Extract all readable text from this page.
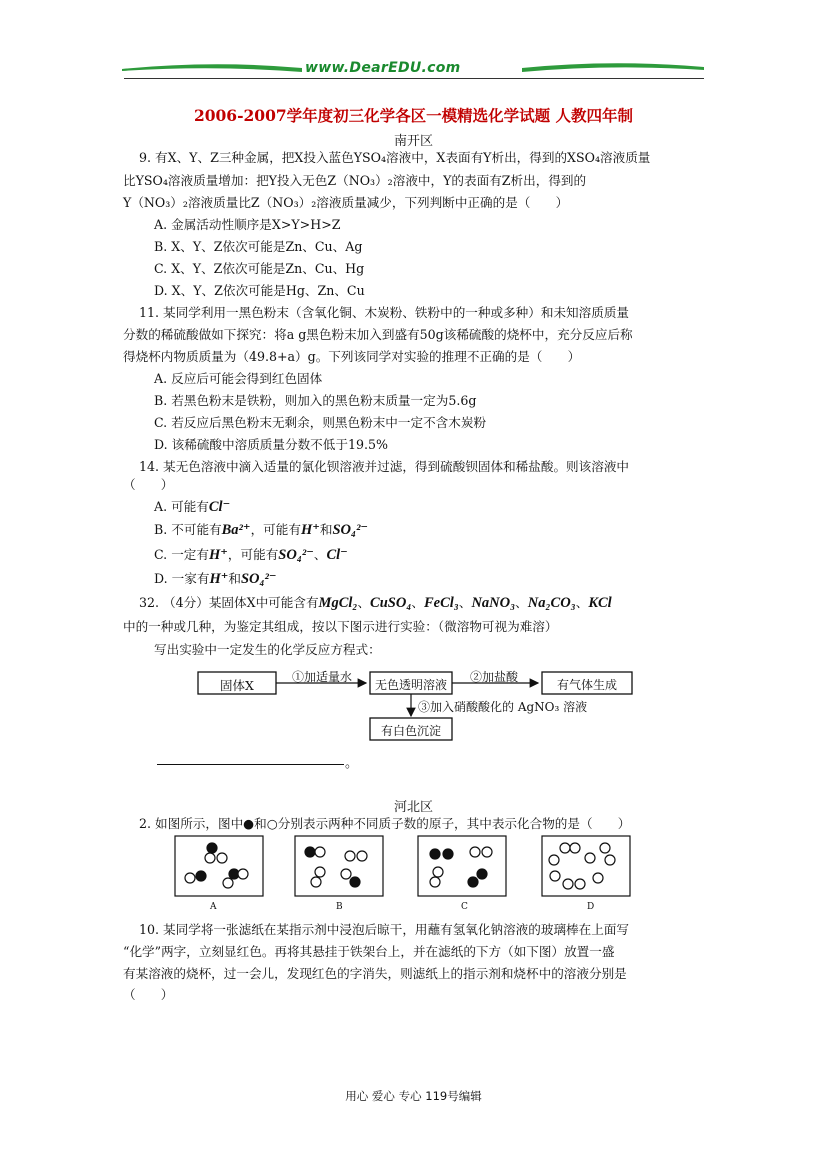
www.DearEDU.com
2006-2007学年度初三化学各区一模精选化学试题 人教四年制
南开区
9. 有X、Y、Z三种金属，把X投入蓝色YSO₄溶液中，X表面有Y析出，得到的XSO₄溶液质量
比YSO₄溶液质量增加：把Y投入无色Z（NO₃）₂溶液中，Y的表面有Z析出，得到的
Y（NO₃）₂溶液质量比Z（NO₃）₂溶液质量减少，下列判断中正确的是（　　）
A. 金属活动性顺序是X>Y>H>Z
B. X、Y、Z依次可能是Zn、Cu、Ag
C. X、Y、Z依次可能是Zn、Cu、Hg
D. X、Y、Z依次可能是Hg、Zn、Cu
11. 某同学利用一黑色粉末（含氧化铜、木炭粉、铁粉中的一种或多种）和未知溶质质量
分数的稀硫酸做如下探究：将a g黑色粉末加入到盛有50g该稀硫酸的烧杯中，充分反应后称
得烧杯内物质质量为（49.8+a）g。下列该同学对实验的推理不正确的是（　　）
A. 反应后可能会得到红色固体
B. 若黑色粉末是铁粉，则加入的黑色粉末质量一定为5.6g
C. 若反应后黑色粉末无剩余，则黑色粉末中一定不含木炭粉
D. 该稀硫酸中溶质质量分数不低于19.5%
14. 某无色溶液中滴入适量的氯化钡溶液并过滤，得到硫酸钡固体和稀盐酸。则该溶液中
（　　）
A. 可能有Cl⁻
B. 不可能有Ba²⁺，可能有H⁺和SO₄²⁻
C. 一定有H⁺，可能有SO₄²⁻、Cl⁻
D. 一家有H⁺和SO₄²⁻
32. （4分）某固体X中可能含有MgCl₂、CuSO₄、FeCl₃、NaNO₃、Na₂CO₃、KCl
中的一种或几种，为鉴定其组成，按以下图示进行实验：（微溶物可视为难溶）
写出实验中一定发生的化学反应方程式：
固体X
①加适量水
无色透明溶液
②加盐酸
有气体生成
③加入硝酸酸化的 AgNO₃ 溶液
有白色沉淀
。
河北区
2. 如图所示，图中●和○分别表示两种不同质子数的原子，其中表示化合物的是（　　）
A	B	C	D
10. 某同学将一张滤纸在某指示剂中浸泡后晾干，用蘸有氢氧化钠溶液的玻璃棒在上面写
“化学”两字，立刻显红色。再将其悬挂于铁架台上，并在滤纸的下方（如下图）放置一盛
有某溶液的烧杯，过一会儿，发现红色的字消失，则滤纸上的指示剂和烧杯中的溶液分别是
（　　）
用心 爱心 专心 119号编辑
